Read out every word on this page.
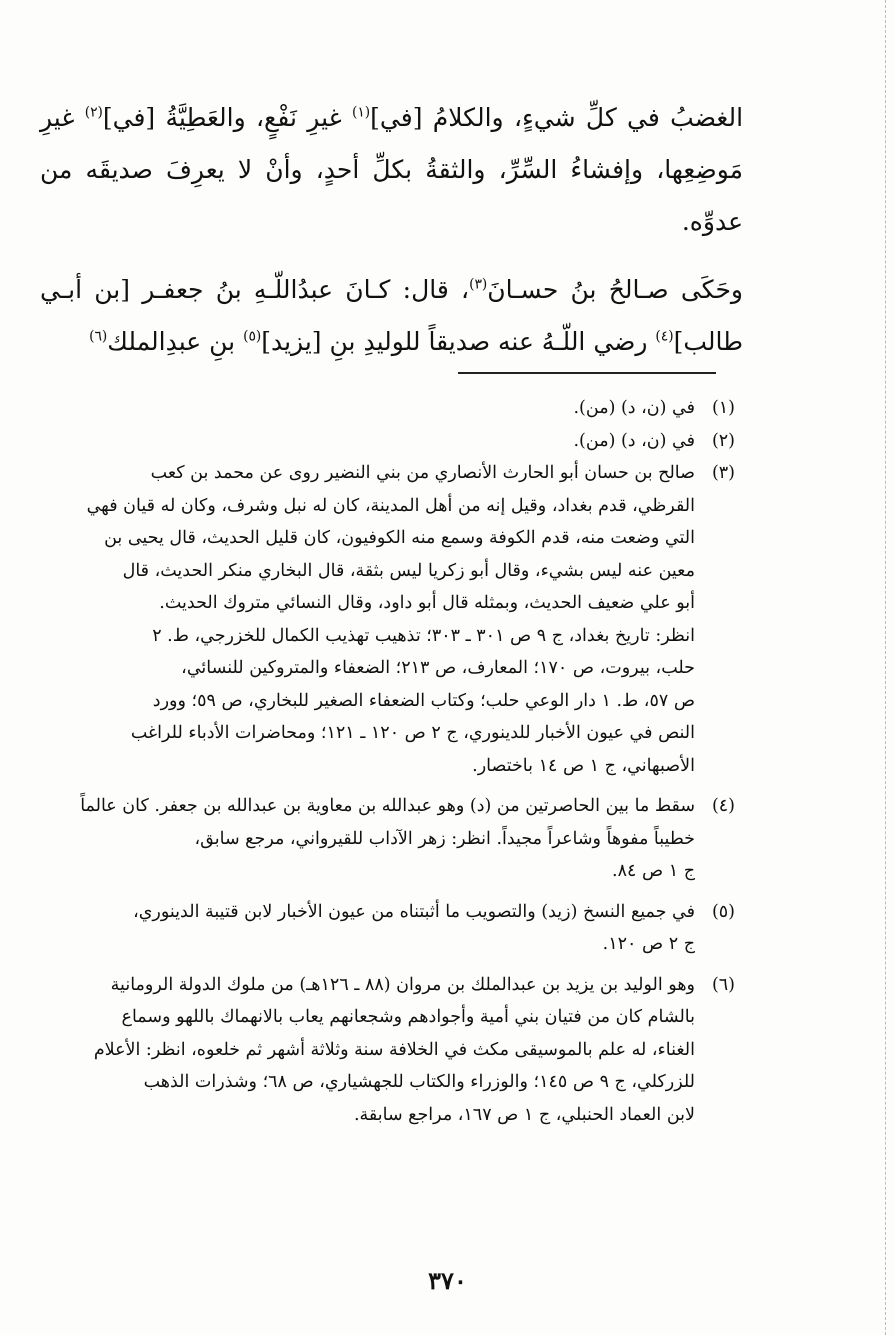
الغضبُ في كلِّ شيءٍ، والكلامُ [في]$^{(١)}$ غيرِ نَفْعٍ، والعَطِيَّةُ [في]$^{(٢)}$ غيرِ مَوضِعِها، وإفشاءُ السِّرِّ، والثقةُ بكلِّ أحدٍ، وأنْ لا يعرِفَ صديقَه من عدوِّه.

وحَكَى صـالحُ بنُ حسـانَ$^{(٣)}$، قال: كـانَ عبدُاللّـهِ بنُ جعفـر [بن أبـي طالب]$^{(٤)}$ رضي اللّـهُ عنه صديقاً للوليدِ بنِ [يزيد]$^{(٥)}$ بنِ عبدِالملك$^{(٦)}$

(١)
في (ن، د) (من).
(٢)
في (ن، د) (من).
(٣)
صالح بن حسان أبو الحارث الأنصاري من بني النضير روى عن محمد بن كعب
القرظي، قدم بغداد، وقيل إنه من أهل المدينة، كان له نبل وشرف، وكان له قيان فهي
التي وضعت منه، قدم الكوفة وسمع منه الكوفيون، كان قليل الحديث، قال يحيى بن
معين عنه ليس بشيء، وقال أبو زكريا ليس بثقة، قال البخاري منكر الحديث، قال
أبو علي ضعيف الحديث، وبمثله قال أبو داود، وقال النسائي متروك الحديث.
انظر: تاريخ بغداد، ج ٩ ص ٣٠١ ـ ٣٠٣؛ تذهيب تهذيب الكمال للخزرجي، ط. ٢
حلب، بيروت، ص ١٧٠؛ المعارف، ص ٢١٣؛ الضعفاء والمتروكين للنسائي،
ص ٥٧، ط. ١ دار الوعي حلب؛ وكتاب الضعفاء الصغير للبخاري، ص ٥٩؛ وورد
النص في عيون الأخبار للدينوري، ج ٢ ص ١٢٠ ـ ١٢١؛ ومحاضرات الأدباء للراغب
الأصبهاني، ج ١ ص ١٤ باختصار.
(٤)
سقط ما بين الحاصرتين من (د) وهو عبدالله بن معاوية بن عبدالله بن جعفر. كان عالماً
خطيباً مفوهاً وشاعراً مجيداً. انظر: زهر الآداب للقيرواني، مرجع سابق،
ج ١ ص ٨٤.
(٥)
في جميع النسخ (زيد) والتصويب ما أثبتناه من عيون الأخبار لابن قتيبة الدينوري،
ج ٢ ص ١٢٠.
(٦)
وهو الوليد بن يزيد بن عبدالملك بن مروان (٨٨ ـ ١٢٦هـ) من ملوك الدولة الرومانية
بالشام كان من فتيان بني أمية وأجوادهم وشجعانهم يعاب بالانهماك باللهو وسماع
الغناء، له علم بالموسيقى مكث في الخلافة سنة وثلاثة أشهر ثم خلعوه، انظر: الأعلام
للزركلي، ج ٩ ص ١٤٥؛ والوزراء والكتاب للجهشياري، ص ٦٨؛ وشذرات الذهب
لابن العماد الحنبلي، ج ١ ص ١٦٧، مراجع سابقة.
٣٧٠
